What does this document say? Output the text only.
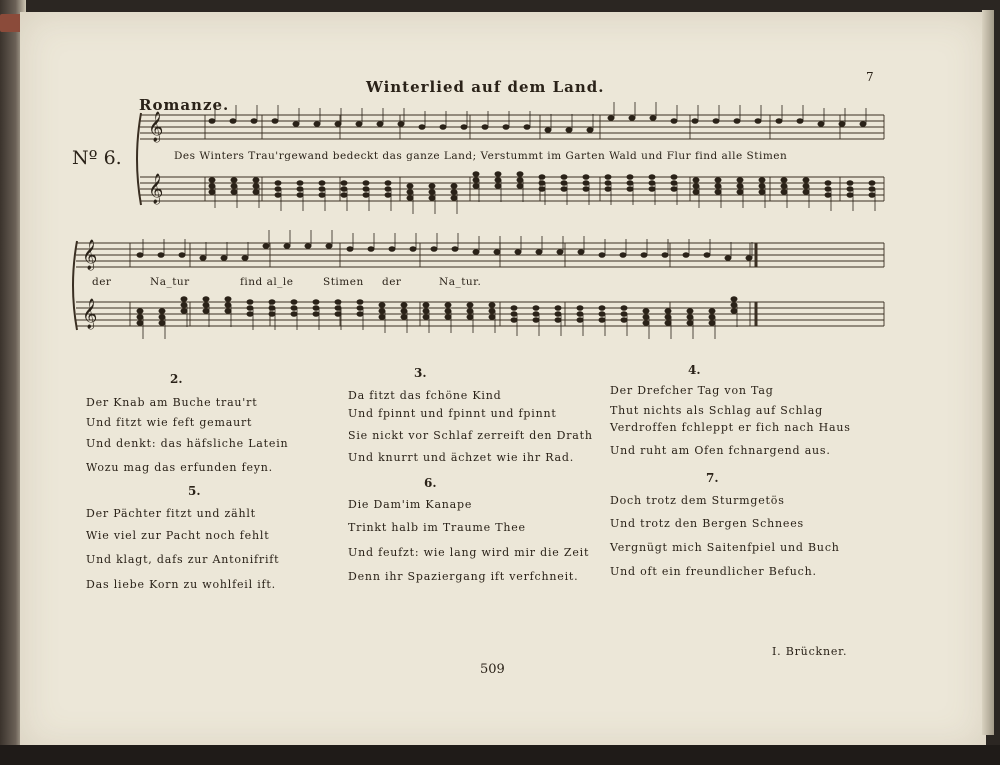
𝄞
𝄞
𝄞
𝄞
Winterlied auf dem Land.
7
Romanze.
Nº 6.	Des Winters Trau'rgewand bedeckt das ganze Land; Verstummt im Garten Wald und Flur find alle Stimen
der	Na_tur	find al_le	Stimen der	Na_tur.
2.
Der Knab am Buche trau'rt
Und fitzt wie feft gemaurt
Und denkt: das häfsliche Latein
Wozu mag das erfunden feyn.
5.
Der Pächter fitzt und zählt
Wie viel zur Pacht noch fehlt
Und klagt, dafs zur Antonifrift
Das liebe Korn zu wohlfeil ift.
3.
Da fitzt das fchöne Kind
Und fpinnt und fpinnt und fpinnt
Sie nickt vor Schlaf zerreift den Drath
Und knurrt und ächzet wie ihr Rad.
6.
Die Dam'im Kanape
Trinkt halb im Traume Thee
Und feufzt: wie lang wird mir die Zeit
Denn ihr Spaziergang ift verfchneit.
4.
Der Drefcher Tag von Tag
Thut nichts als Schlag auf Schlag
Verdroffen fchleppt er fich nach Haus
Und ruht am Ofen fchnargend aus.
7.
Doch trotz dem Sturmgetös
Und trotz den Bergen Schnees
Vergnügt mich Saitenfpiel und Buch
Und oft ein freundlicher Befuch.
509
I. Brückner.
